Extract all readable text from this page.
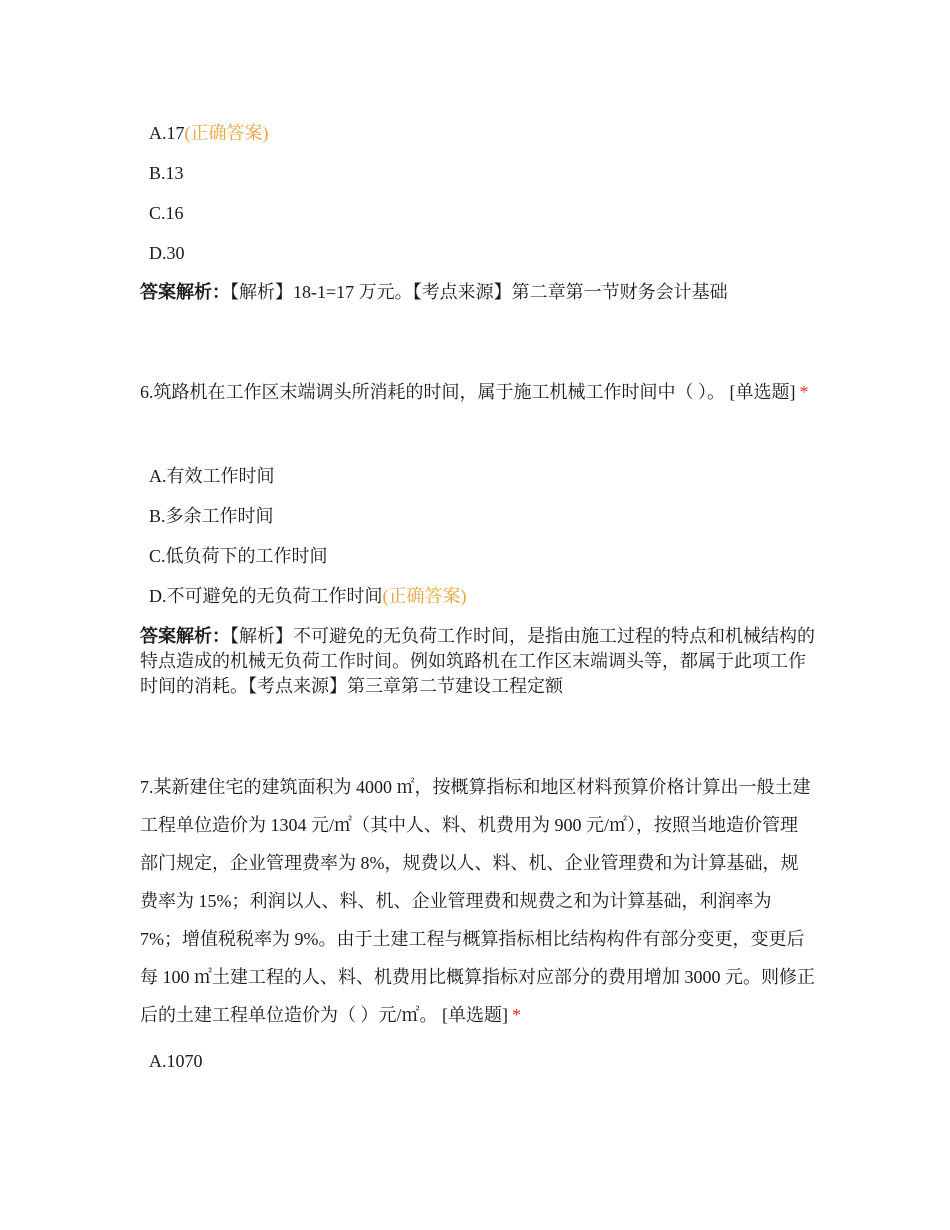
A.17(正确答案)
B.13
C.16
D.30
答案解析：【解析】18-1=17 万元。【考点来源】第二章第一节财务会计基础
6.筑路机在工作区末端调头所消耗的时间，属于施工机械工作时间中（ ）。 [单选题] *
A.有效工作时间
B.多余工作时间
C.低负荷下的工作时间
D.不可避免的无负荷工作时间(正确答案)
答案解析：【解析】不可避免的无负荷工作时间，是指由施工过程的特点和机械结构的特点造成的机械无负荷工作时间。例如筑路机在工作区末端调头等，都属于此项工作时间的消耗。【考点来源】第三章第二节建设工程定额
7.某新建住宅的建筑面积为 4000 ㎡，按概算指标和地区材料预算价格计算出一般土建工程单位造价为 1304 元/㎡（其中人、料、机费用为 900 元/㎡），按照当地造价管理部门规定，企业管理费率为 8%，规费以人、料、机、企业管理费和为计算基础，规费率为 15%；利润以人、料、机、企业管理费和规费之和为计算基础，利润率为 7%；增值税税率为 9%。由于土建工程与概算指标相比结构构件有部分变更，变更后每 100 ㎡土建工程的人、料、机费用比概算指标对应部分的费用增加 3000 元。则修正后的土建工程单位造价为（ ）元/㎡。 [单选题] *
A.1070
